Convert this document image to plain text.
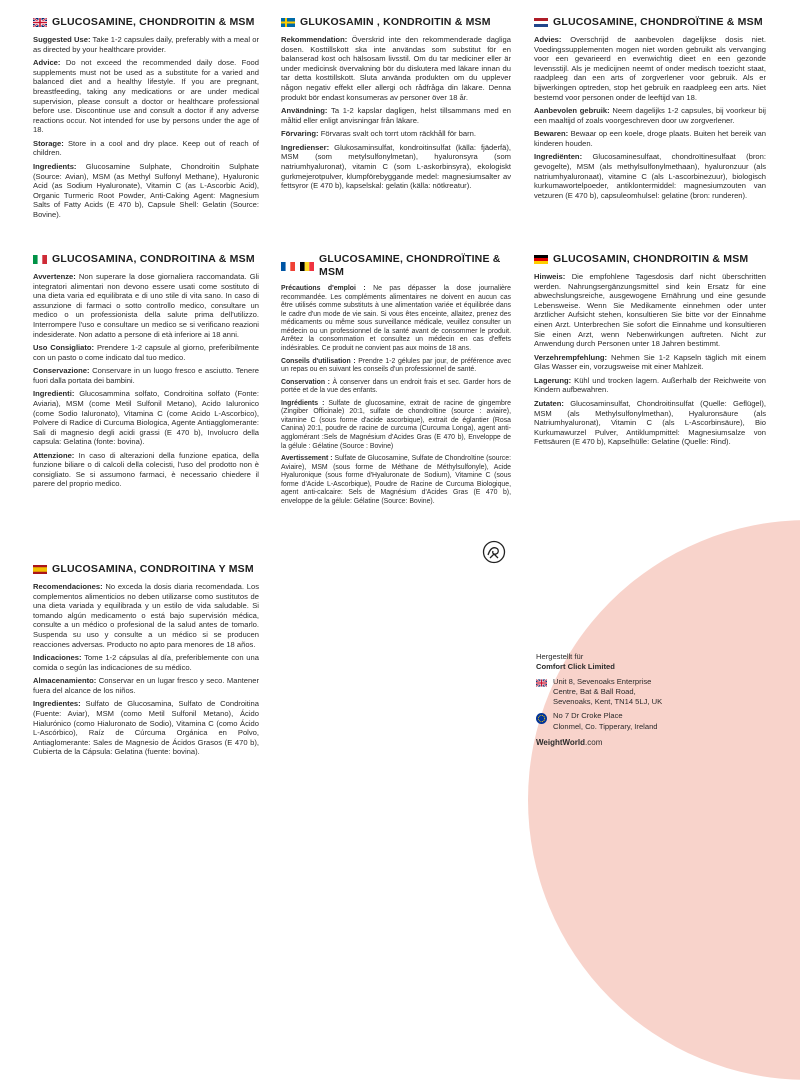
GLUCOSAMINE, CHONDROITIN & MSM

Suggested Use: Take 1-2 capsules daily, preferably with a meal or as directed by your healthcare provider.

Advice: Do not exceed the recommended daily dose. Food supplements must not be used as a substitute for a varied and balanced diet and a healthy lifestyle. If you are pregnant, breastfeeding, taking any medications or are under medical supervision, please consult a doctor or healthcare professional before use. Discontinue use and consult a doctor if any adverse reactions occur. Not intended for use by persons under the age of 18.

Storage: Store in a cool and dry place. Keep out of reach of children.

Ingredients: Glucosamine Sulphate, Chondroitin Sulphate (Source: Avian), MSM (as Methyl Sulfonyl Methane), Hyaluronic Acid (as Sodium Hyaluronate), Vitamin C (as L-Ascorbic Acid), Organic Turmeric Root Powder, Anti-Caking Agent: Magnesium Salts of Fatty Acids (E 470 b), Capsule Shell: Gelatin (Source: Bovine).

GLUKOSAMIN , KONDROITIN & MSM

Rekommendation: Överskrid inte den rekommenderade dagliga dosen. Kosttillskott ska inte användas som substitut för en balanserad kost och hälsosam livsstil. Om du tar mediciner eller är under medicinsk övervakning bör du diskutera med läkare innan du tar detta kosttillskott. Sluta använda produkten om du upplever någon negativ effekt eller allergi och rådfråga din läkare. Denna produkt bör endast konsumeras av personer över 18 år.

Användning: Ta 1-2 kapslar dagligen, helst tillsammans med en måltid eller enligt anvisningar från läkare.

Förvaring: Förvaras svalt och torrt utom räckhåll för barn.

Ingredienser: Glukosaminsulfat, kondroitinsulfat (källa: fjäderfä), MSM (som metylsulfonylmetan), hyaluronsyra (som natriumhyaluronat), vitamin C (som L-askorbinsyra), ekologiskt gurkmejerotpulver, klumpförebyggande medel: magnesiumsalter av fettsyror (E 470 b), kapselskal: gelatin (källa: nötkreatur).

GLUCOSAMINE, CHONDROÏTINE & MSM

Advies: Overschrijd de aanbevolen dagelijkse dosis niet. Voedingssupplementen mogen niet worden gebruikt als vervanging voor een gevarieerd en evenwichtig dieet en een gezonde levensstijl. Als je medicijnen neemt of onder medisch toezicht staat, raadpleeg dan een arts of zorgverlener voor gebruik. Als er bijwerkingen optreden, stop het gebruik en raadpleeg een arts. Niet bestemd voor personen onder de leeftijd van 18.

Aanbevolen gebruik: Neem dagelijks 1-2 capsules, bij voorkeur bij een maaltijd of zoals voorgeschreven door uw zorgverlener.

Bewaren: Bewaar op een koele, droge plaats. Buiten het bereik van kinderen houden.

Ingrediënten: Glucosaminesulfaat, chondroïtinesulfaat (bron: gevogelte), MSM (als methylsulfonylmethaan), hyaluronzuur (als natriumhyaluronaat), vitamine C (als L-ascorbinezuur), biologisch kurkumawortelpoeder, antiklontermiddel: magnesiumzouten van vetzuren (E 470 b), capsuleomhulsel: gelatine (bron: runderen).

GLUCOSAMINA, CONDROITINA & MSM

Avvertenze: Non superare la dose giornaliera raccomandata. Gli integratori alimentari non devono essere usati come sostituto di una dieta varia ed equilibrata e di uno stile di vita sano. In caso di assunzione di farmaci o sotto controllo medico, consultare un medico o un professionista della salute prima dell'utilizzo. Interrompere l'uso e consultare un medico se si verificano reazioni indesiderate. Non adatto a persone di età inferiore ai 18 anni.

Uso Consigliato: Prendere 1-2 capsule al giorno, preferibilmente con un pasto o come indicato dal tuo medico.

Conservazione: Conservare in un luogo fresco e asciutto. Tenere fuori dalla portata dei bambini.

Ingredienti: Glucosammina solfato, Condroitina solfato (Fonte: Aviaria), MSM (come Metil Sulfonil Metano), Acido Ialuronico (come Sodio Ialuronato), Vitamina C (come Acido L-Ascorbico), Polvere di Radice di Curcuma Biologica, Agente Antiagglomerante: Sali di magnesio degli acidi grassi (E 470 b), Involucro della capsula: Gelatina (fonte: bovina).

Attenzione: In caso di alterazioni della funzione epatica, della funzione biliare o di calcoli della colecisti, l'uso del prodotto non è consigliato. Se si assumono farmaci, è necessario chiedere il parere del proprio medico.

GLUCOSAMINE, CHONDROÏTINE & MSM

Précautions d'emploi : Ne pas dépasser la dose journalière recommandée. Les compléments alimentaires ne doivent en aucun cas être utilisés comme substituts à une alimentation variée et équilibrée dans le cadre d'un mode de vie sain. Si vous êtes enceinte, allaitez, prenez des médicaments ou même sous surveillance médicale, veuillez consulter un médecin ou un professionnel de la santé avant de consommer le produit. Arrêtez la consommation et consultez un médecin en cas d'effets indésirables. Ce produit ne convient pas aux moins de 18 ans.

Conseils d'utilisation : Prendre 1-2 gélules par jour, de préférence avec un repas ou en suivant les conseils d'un professionnel de santé.

Conservation : À conserver dans un endroit frais et sec. Garder hors de portée et de la vue des enfants.

Ingrédients : Sulfate de glucosamine, extrait de racine de gingembre (Zingiber Officinale) 20:1, sulfate de chondroïtine (source : aviaire), vitamine C (sous forme d'acide ascorbique), extrait de églantier (Rosa Canina) 20:1, poudre de racine de curcuma (Curcuma Longa), agent anti-agglomérant :Sels de Magnésium d'Acides Gras (E 470 b), Enveloppe de la gélule : Gélatine (Source : Bovine)

Avertissement : Sulfate de Glucosamine, Sulfate de Chondroïtine (source: Aviaire), MSM (sous forme de Méthane de Méthylsulfonyle), Acide Hyaluronique (sous forme d'Hyaluronate de Sodium), Vitamine C (sous forme d'Acide L-Ascorbique), Poudre de Racine de Curcuma Biologique, agent anti-calcaire: Sels de Magnésium d'Acides Gras (E 470 b), enveloppe de la gélule: Gélatine (Source: Bovine).

GLUCOSAMIN, CHONDROITIN & MSM

Hinweis: Die empfohlene Tagesdosis darf nicht überschritten werden. Nahrungsergänzungsmittel sind kein Ersatz für eine abwechslungsreiche, ausgewogene Ernährung und eine gesunde Lebensweise. Wenn Sie Medikamente einnehmen oder unter ärztlicher Aufsicht stehen, konsultieren Sie bitte vor der Einnahme einen Arzt. Unterbrechen Sie sofort die Einnahme und konsultieren Sie einen Arzt, wenn Nebenwirkungen auftreten. Nicht zur Anwendung durch Personen unter 18 Jahren bestimmt.

Verzehrempfehlung: Nehmen Sie 1-2 Kapseln täglich mit einem Glas Wasser ein, vorzugsweise mit einer Mahlzeit.

Lagerung: Kühl und trocken lagern. Außerhalb der Reichweite von Kindern aufbewahren.

Zutaten: Glucosaminsulfat, Chondroitinsulfat (Quelle: Geflügel), MSM (als Methylsulfonylmethan), Hyaluronsäure (als Natriumhyaluronat), Vitamin C (als L-Ascorbinsäure), Bio Kurkumawurzel Pulver, Antiklumpmittel: Magnesiumsalze von Fettsäuren (E 470 b), Kapselhülle: Gelatine (Quelle: Rind).

GLUCOSAMINA, CONDROITINA Y MSM

Recomendaciones: No exceda la dosis diaria recomendada. Los complementos alimenticios no deben utilizarse como sustitutos de una dieta variada y equilibrada y un estilo de vida saludable. Si tomando algún medicamento o está bajo supervisión médica, consulte a un médico o profesional de la salud antes de tomarlo. Suspenda su uso y consulte a un médico si se producen reacciones adversas. Producto no apto para menores de 18 años.

Indicaciones: Tome 1-2 cápsulas al día, preferiblemente con una comida o según las indicaciones de su médico.

Almacenamiento: Conservar en un lugar fresco y seco. Mantener fuera del alcance de los niños.

Ingredientes: Sulfato de Glucosamina, Sulfato de Condroitina (Fuente: Aviar), MSM (como Metil Sulfonil Metano), Ácido Hialurónico (como Hialuronato de Sodio), Vitamina C (como Ácido L-Ascórbico), Raíz de Cúrcuma Orgánica en Polvo, Antiaglomerante: Sales de Magnesio de Ácidos Grasos (E 470 b), Cubierta de la Cápsula: Gelatina (fuente: bovina).

Hergestellt für
Comfort Click Limited
Unit 8, Sevenoaks Enterprise
Centre, Bat & Ball Road,
Sevenoaks, Kent, TN14 5LJ, UK
No 7 Dr Croke Place
Clonmel, Co. Tipperary, Ireland
WeightWorld.com
